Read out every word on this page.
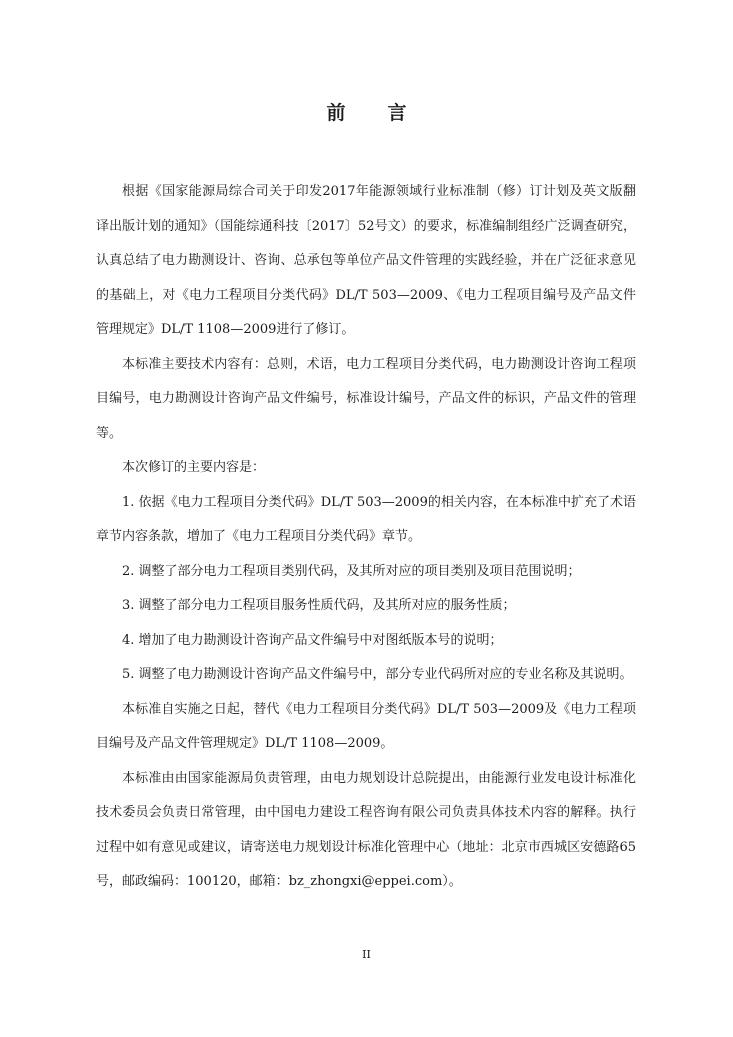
前言

根据《国家能源局综合司关于印发2017年能源领域行业标准制（修）订计划及英文版翻译出版计划的通知》（国能综通科技〔2017〕52号文）的要求，标准编制组经广泛调查研究，认真总结了电力勘测设计、咨询、总承包等单位产品文件管理的实践经验，并在广泛征求意见的基础上，对《电力工程项目分类代码》DL/T 503—2009、《电力工程项目编号及产品文件管理规定》DL/T 1108—2009进行了修订。

本标准主要技术内容有：总则，术语，电力工程项目分类代码，电力勘测设计咨询工程项目编号，电力勘测设计咨询产品文件编号，标准设计编号，产品文件的标识，产品文件的管理等。

本次修订的主要内容是：

1. 依据《电力工程项目分类代码》DL/T 503—2009的相关内容，在本标准中扩充了术语章节内容条款，增加了《电力工程项目分类代码》章节。

2. 调整了部分电力工程项目类别代码，及其所对应的项目类别及项目范围说明；

3. 调整了部分电力工程项目服务性质代码，及其所对应的服务性质；

4. 增加了电力勘测设计咨询产品文件编号中对图纸版本号的说明；

5. 调整了电力勘测设计咨询产品文件编号中，部分专业代码所对应的专业名称及其说明。

本标准自实施之日起，替代《电力工程项目分类代码》DL/T 503—2009及《电力工程项目编号及产品文件管理规定》DL/T 1108—2009。

本标准由由国家能源局负责管理，由电力规划设计总院提出，由能源行业发电设计标准化技术委员会负责日常管理，由中国电力建设工程咨询有限公司负责具体技术内容的解释。执行过程中如有意见或建议，请寄送电力规划设计标准化管理中心（地址：北京市西城区安德路65号，邮政编码：100120，邮箱：bz_zhongxi@eppei.com）。

II
